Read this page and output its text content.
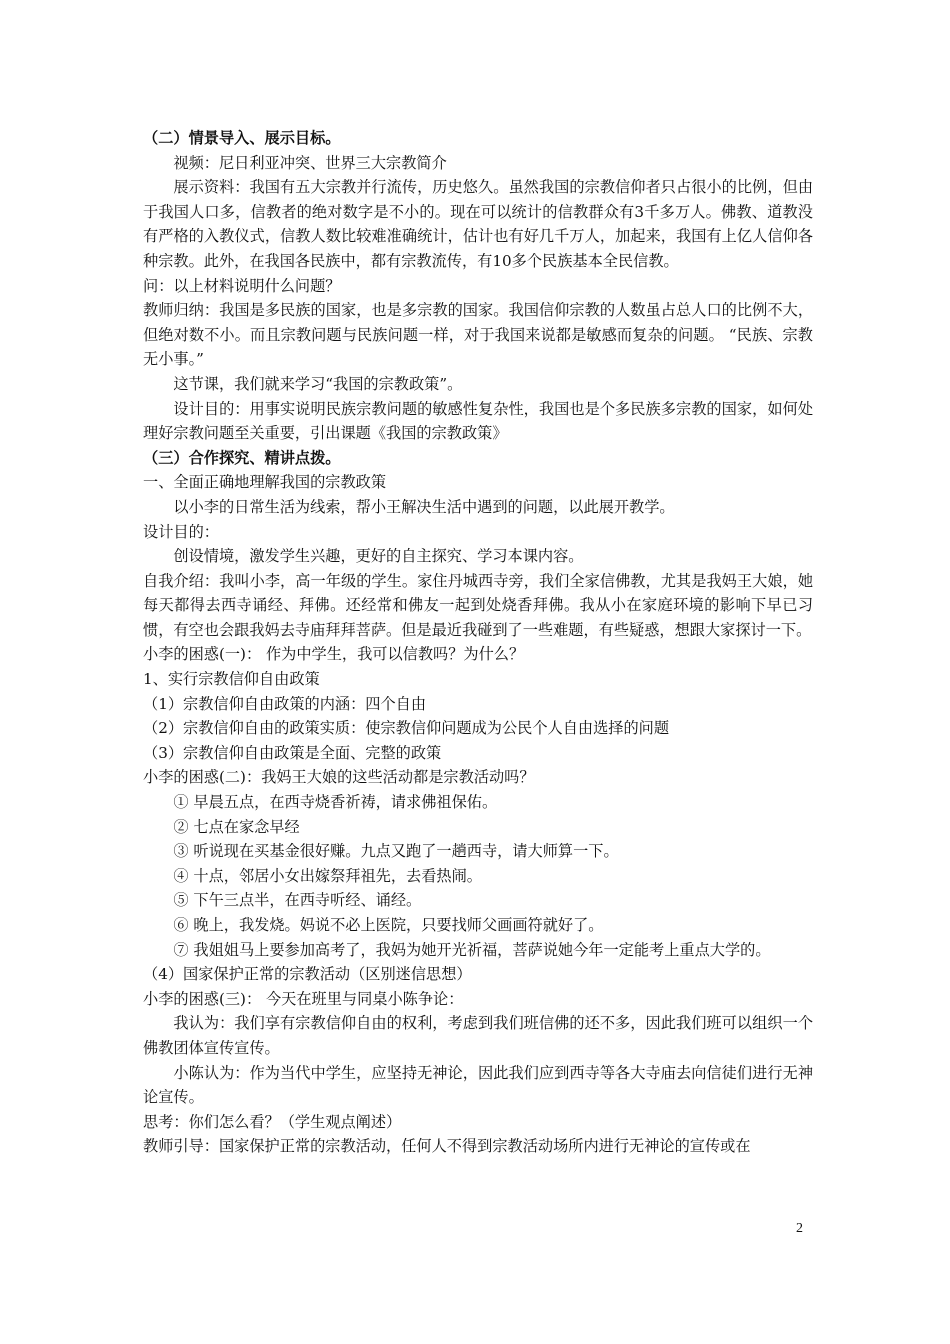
（二）情景导入、展示目标。

视频：尼日利亚冲突、世界三大宗教简介

展示资料：我国有五大宗教并行流传，历史悠久。虽然我国的宗教信仰者只占很小的比例，但由于我国人口多，信教者的绝对数字是不小的。现在可以统计的信教群众有3千多万人。佛教、道教没有严格的入教仪式，信教人数比较难准确统计，估计也有好几千万人，加起来，我国有上亿人信仰各种宗教。此外，在我国各民族中，都有宗教流传，有10多个民族基本全民信教。

问：以上材料说明什么问题？

教师归纳：我国是多民族的国家，也是多宗教的国家。我国信仰宗教的人数虽占总人口的比例不大，但绝对数不小。而且宗教问题与民族问题一样，对于我国来说都是敏感而复杂的问题。 “民族、宗教无小事。”

这节课，我们就来学习“我国的宗教政策”。

设计目的：用事实说明民族宗教问题的敏感性复杂性，我国也是个多民族多宗教的国家，如何处理好宗教问题至关重要，引出课题《我国的宗教政策》

（三）合作探究、精讲点拨。

一、全面正确地理解我国的宗教政策

以小李的日常生活为线索，帮小王解决生活中遇到的问题，以此展开教学。

设计目的：

创设情境，激发学生兴趣，更好的自主探究、学习本课内容。

自我介绍：我叫小李，高一年级的学生。家住丹城西寺旁，我们全家信佛教，尤其是我妈王大娘，她每天都得去西寺诵经、拜佛。还经常和佛友一起到处烧香拜佛。我从小在家庭环境的影响下早已习惯，有空也会跟我妈去寺庙拜拜菩萨。但是最近我碰到了一些难题，有些疑惑，想跟大家探讨一下。

小李的困惑(一)： 作为中学生，我可以信教吗？为什么？

1、实行宗教信仰自由政策

（1）宗教信仰自由政策的内涵：四个自由

（2）宗教信仰自由的政策实质：使宗教信仰问题成为公民个人自由选择的问题

（3）宗教信仰自由政策是全面、完整的政策

小李的困惑(二)：我妈王大娘的这些活动都是宗教活动吗？

① 早晨五点，在西寺烧香祈祷，请求佛祖保佑。

② 七点在家念早经

③ 听说现在买基金很好赚。九点又跑了一趟西寺，请大师算一下。

④ 十点，邻居小女出嫁祭拜祖先，去看热闹。

⑤ 下午三点半，在西寺听经、诵经。

⑥ 晚上，我发烧。妈说不必上医院，只要找师父画画符就好了。

⑦ 我姐姐马上要参加高考了，我妈为她开光祈福，菩萨说她今年一定能考上重点大学的。

（4）国家保护正常的宗教活动（区别迷信思想）

小李的困惑(三)： 今天在班里与同桌小陈争论：

我认为：我们享有宗教信仰自由的权利，考虑到我们班信佛的还不多，因此我们班可以组织一个佛教团体宣传宣传。

小陈认为：作为当代中学生，应坚持无神论，因此我们应到西寺等各大寺庙去向信徒们进行无神论宣传。

思考：你们怎么看？（学生观点阐述）

教师引导：国家保护正常的宗教活动，任何人不得到宗教活动场所内进行无神论的宣传或在

2
